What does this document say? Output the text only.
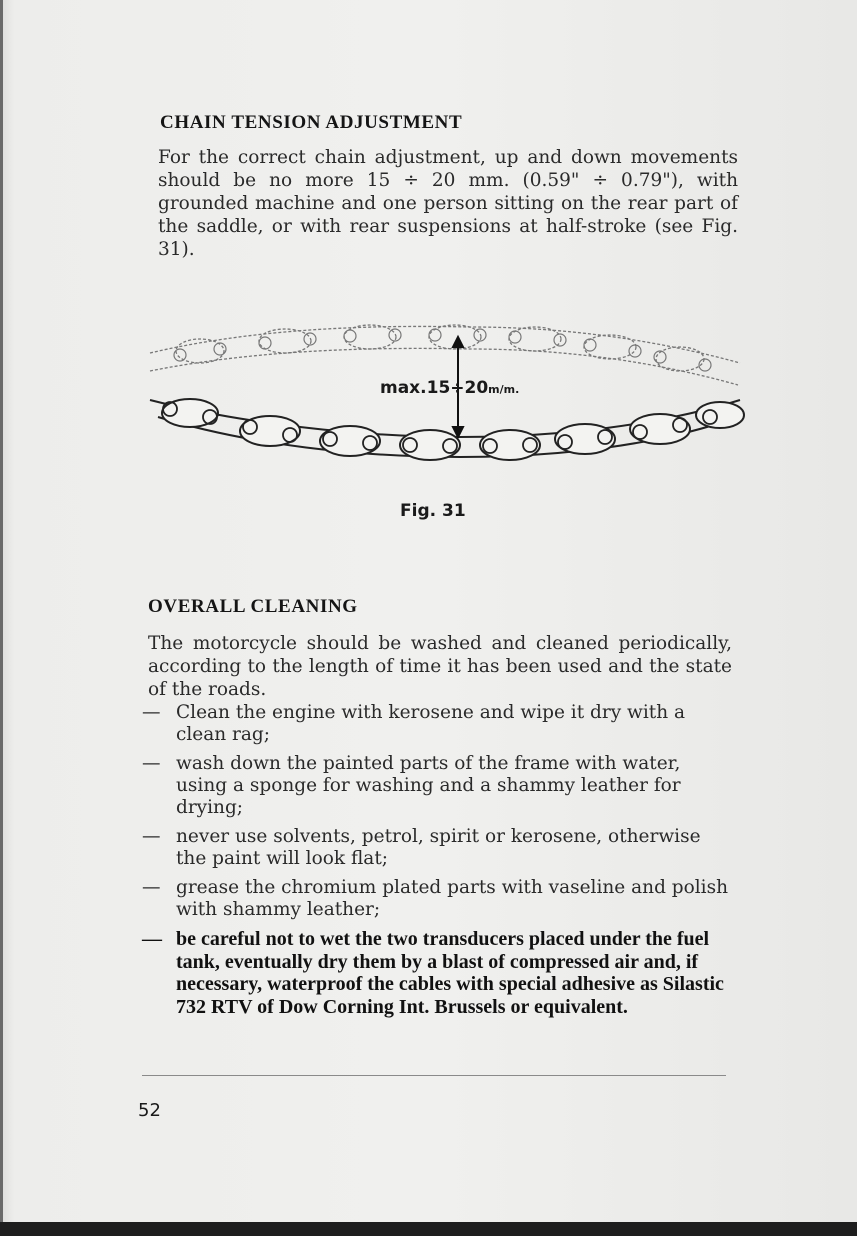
CHAIN TENSION ADJUSTMENT

For the correct chain adjustment, up and down movements should be no more 15 ÷ 20 mm. (0.59" ÷ 0.79"), with grounded machine and one person sitting on the rear part of the saddle, or with rear suspensions at half-stroke (see Fig. 31).

max.15÷20m/m.

Fig. 31

OVERALL CLEANING

The motorcycle should be washed and cleaned periodically, according to the length of time it has been used and the state of the roads.

— Clean the engine with kerosene and wipe it dry with a clean rag;
— wash down the painted parts of the frame with water, using a sponge for washing and a shammy leather for drying;
— never use solvents, petrol, spirit or kerosene, otherwise the paint will look flat;
— grease the chromium plated parts with vaseline and polish with shammy leather;
— be careful not to wet the two transducers placed under the fuel tank, eventually dry them by a blast of compressed air and, if necessary, waterproof the cables with special adhesive as Silastic 732 RTV of Dow Corning Int. Brussels or equivalent.

52
